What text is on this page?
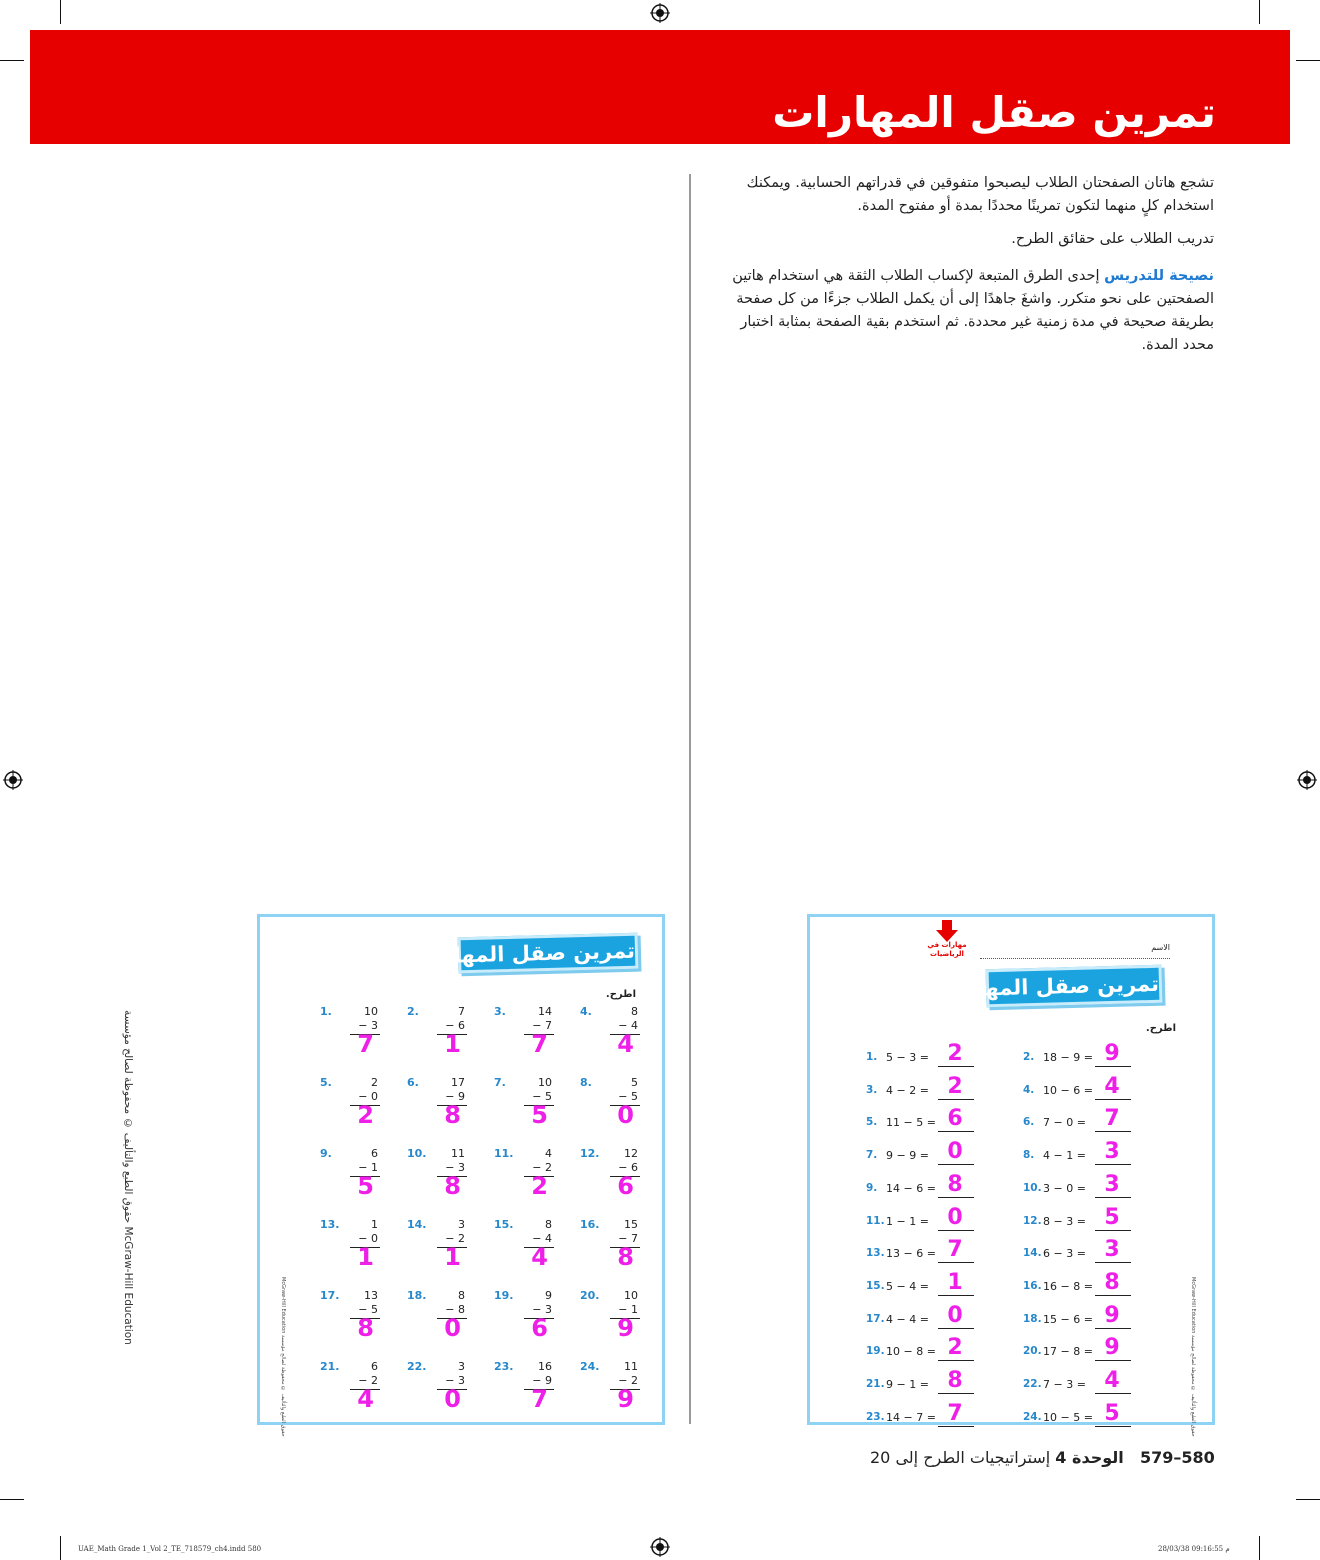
تمرين صقل المهارات

تشجع هاتان الصفحتان الطلاب ليصبحوا متفوقين في قدراتهم الحسابية. ويمكنك استخدام كلٍ منهما لتكون تمرينًا محددًا بمدة أو مفتوح المدة.

تدريب الطلاب على حقائق الطرح.

نصيحة للتدريس إحدى الطرق المتبعة لإكساب الطلاب الثقة هي استخدام هاتين الصفحتين على نحو متكرر. واشغَ جاهدًا إلى أن يكمل الطلاب جزءًا من كل صفحة بطريقة صحيحة في مدة زمنية غير محددة. ثم استخدم بقية الصفحة بمثابة اختبار محدد المدة.

حقوق الطبع والتأليف © محفوظة لصالح مؤسسة McGraw-Hill Education
تمرين صقل المهارات
اطرح.
1.	10
− 3
7
2.	7
− 6
1
3.	14
− 7
7
4.	8
− 4
4
5.	2
− 0
2
6.	17
− 9
8
7.	10
− 5
5
8.	5
− 5
0
9.	6
− 1
5
10. 11
− 3
8
11.	4
− 2
2
12. 12
− 6
6
13.	1
− 0
1
14.	3
− 2
1
15.	8
− 4
4
16. 15
− 7
8
17. 13
− 5
8
18.	8
− 8
0
19.	9
− 3
6
20. 10
− 1
9
21.	6
− 2
4
22.	3
− 3
0
23. 16
− 9
7
24. 11
− 2
9
McGraw-Hill Education حقوق الطبع والتأليف © محفوظة لصالح مؤسسة
الاسم
مهارات في الرياضيات
تمرين صقل المهارات
اطرح.
1. 5 − 3 = 2	2. 18 − 9 = 9
3. 4 − 2 = 2	4. 10 − 6 = 4
5. 11 − 5 = 6	6. 7 − 0 = 7
7. 9 − 9 = 0	8. 4 − 1 = 3
9. 14 − 6 = 8	10. 3 − 0 = 3
11. 1 − 1 = 0	12. 8 − 3 = 5
13. 13 − 6 = 7	14. 6 − 3 = 3
15. 5 − 4 = 1	16. 16 − 8 = 8
17. 4 − 4 = 0	18. 15 − 6 = 9
19. 10 − 8 = 2	20. 17 − 8 = 9
21. 9 − 1 = 8	22. 7 − 3 = 4
23. 14 − 7 = 7	24. 10 − 5 = 5
McGraw-Hill Education حقوق الطبع والتأليف © محفوظة لصالح مؤسسة
الوحدة 4 إستراتيجيات الطرح إلى 20	579–580
UAE_Math Grade 1_Vol 2_TE_718579_ch4.indd 580	28/03/38 09:16:55 م
